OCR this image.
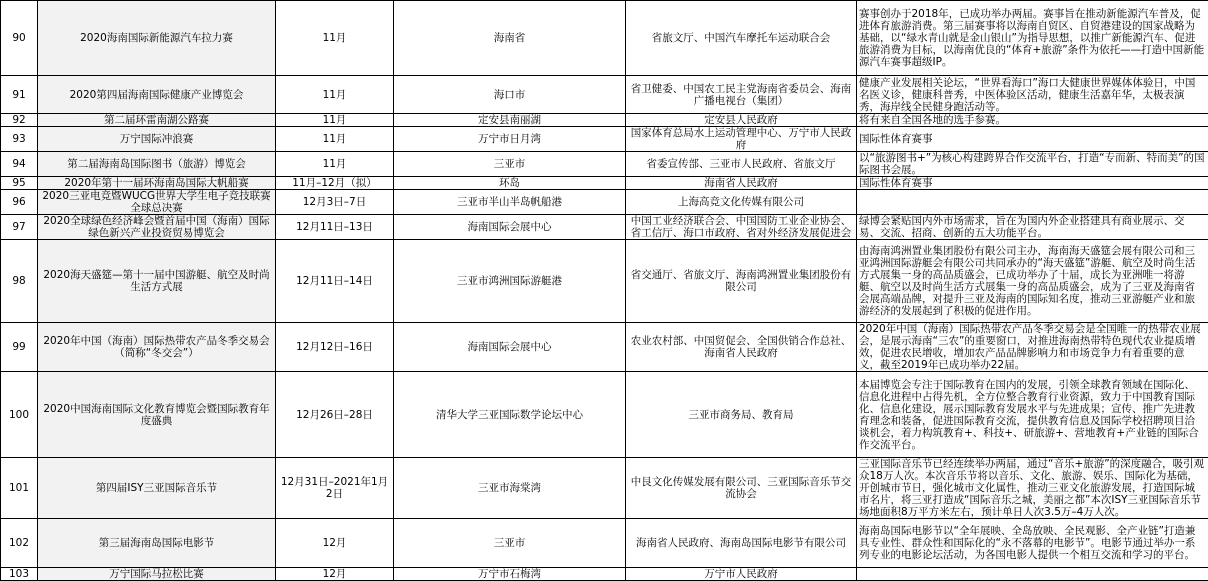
90	2020海南国际新能源汽车拉力赛	11月	海南省	省旅文厅、中国汽车摩托车运动联合会	赛事创办于2018年，已成功举办两届。赛事旨在推动新能源汽车普及，促进体育旅游消费。第三届赛事将以海南自贸区、自贸港建设的国家战略为基础，以“绿水青山就是金山银山”为指导思想，以推广新能源汽车、促进旅游消费为目标，以海南优良的“体育+旅游”条件为依托——打造中国新能源汽车赛事超级IP。
91	2020第四届海南国际健康产业博览会	11月	海口市	省卫健委、中国农工民主党海南省委员会、海南广播电视台（集团）	健康产业发展相关论坛，“世界看海口”海口大健康世界媒体体验日，中国名医义诊，健康科普秀，中医体验区活动，健康生活嘉年华，太极表演秀，海岸线全民健身跑活动等。
92	第二届环雷南湖公路赛	11月	定安县南丽湖	定安县人民政府	将有来自全国各地的选手参赛。
93	万宁国际冲浪赛	11月	万宁市日月湾	国家体育总局水上运动管理中心、万宁市人民政府	国际性体育赛事
94	第二届海南岛国际图书（旅游）博览会	11月	三亚市	省委宣传部、三亚市人民政府、省旅文厅	以“旅游图书+”为核心构建跨界合作交流平台，打造“专而新、特而美”的国际图书会展。
95	2020年第十一届环海南岛国际大帆船赛	11月–12月（拟）	环岛	海南省人民政府	国际性体育赛事
96	2020三亚电竞暨WUCG世界大学生电子竞技联赛全球总决赛	12月3日–7日	三亚市半山半岛帆船港	上海高竞文化传媒有限公司	
97	2020全球绿色经济峰会暨首届中国（海南）国际绿色新兴产业投资贸易博览会	12月11日–13日	海南国际会展中心	中国工业经济联合会、中国国防工业企业协会、省工信厅、海口市政府、省对外经济发展促进会	绿博会紧贴国内外市场需求，旨在为国内外企业搭建具有商业展示、交易、交流、招商、创新的五大功能平台。
98	2020海天盛筵—第十一届中国游艇、航空及时尚生活方式展	12月11日–14日	三亚市鸿洲国际游艇港	省交通厅、省旅文厅、海南鸿洲置业集团股份有限公司	由海南鸿洲置业集团股份有限公司主办，海南海天盛筵会展有限公司和三亚鸿洲国际游艇会有限公司共同承办的“海天盛筵”游艇、航空及时尚生活方式展集一身的高品质盛会，已成功举办了十届，成长为亚洲唯一将游艇、航空以及时尚生活方式展集一身的高品质盛会，成为了三亚及海南省会展高端品牌，对提升三亚及海南的国际知名度，推动三亚游艇产业和旅游经济的发展起到了积极的促进作用。
99	2020年中国（海南）国际热带农产品冬季交易会（简称“冬交会”）	12月12日–16日	海南国际会展中心	农业农村部、中国贸促会、全国供销合作总社、海南省人民政府	2020年中国（海南）国际热带农产品冬季交易会是全国唯一的热带农业展会，是展示海南“三农”的重要窗口，对推进海南热带特色现代农业提质增效，促进农民增收，增加农产品品牌影响力和市场竞争力有着重要的意义，截至2019年已成功举办22届。
100	2020中国海南国际文化教育博览会暨国际教育年度盛典	12月26日–28日	清华大学三亚国际数学论坛中心	三亚市商务局、教育局	本届博览会专注于国际教育在国内的发展，引领全球教育领域在国际化、信息化进程中占得先机，全方位整合教育行业资源，致力于中国教育国际化、信息化建设，展示国际教育发展水平与先进成果；宣传、推广先进教育理念和装备，促进国际教育交流，提供教育信息及国际学校招聘项目洽谈机会，着力构筑教育+、科技+、研旅游+、营地教育+产业链的国际合作交流平台。
101	第四届ISY三亚国际音乐节	12月31日–2021年1月2日	三亚市海棠湾	中艮文化传媒发展有限公司、三亚国际音乐节交流协会	三亚国际音乐节已经连续举办两届，通过“音乐+旅游”的深度融合，吸引观众18万人次。本次音乐节将以音乐、文化、旅游、娱乐、国际化为基础，开创城市节日，强化城市文化属性，推动三亚文化旅游发展，打造国际城市名片，将三亚打造成“国际音乐之城，美丽之都”本次ISY三亚国际音乐节场地面积8万平方米左右，预计单日人次3.5万–4万人次。
102	第三届海南岛国际电影节	12月	三亚市	海南省人民政府、海南岛国际电影节有限公司	海南岛国际电影节以“全年展映、全岛放映、全民观影、全产业链”打造兼具专业性、群众性和国际化的“永不落幕的电影节”。电影节通过举办一系列专业的电影论坛活动，为各国电影人提供一个相互交流和学习的平台。
103	万宁国际马拉松比赛	12月	万宁市石梅湾	万宁市人民政府	
